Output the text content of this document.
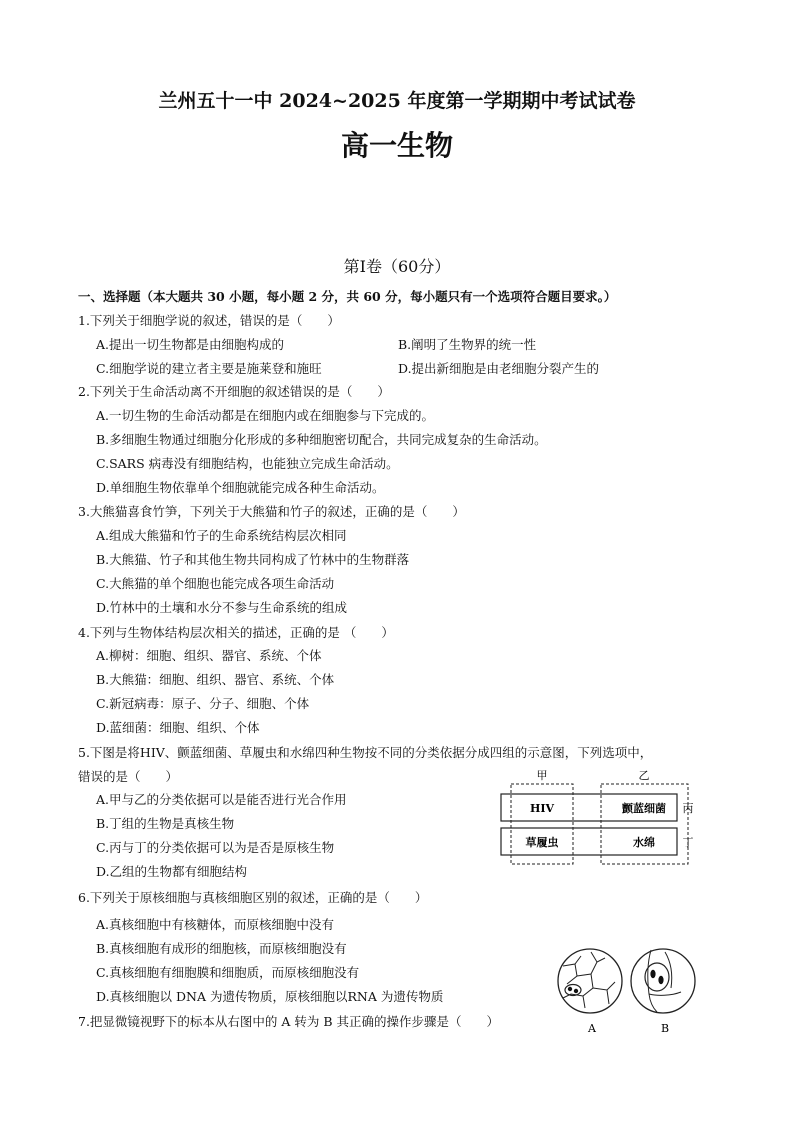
兰州五十一中 2024~2025 年度第一学期期中考试试卷
高一生物
第Ⅰ卷（60分）
一、选择题（本大题共 30 小题，每小题 2 分，共 60 分，每小题只有一个选项符合题目要求。）
1.下列关于细胞学说的叙述，错误的是（　　）
A.提出一切生物都是由细胞构成的	B.阐明了生物界的统一性
C.细胞学说的建立者主要是施莱登和施旺	D.提出新细胞是由老细胞分裂产生的
2.下列关于生命活动离不开细胞的叙述错误的是（　　）
A.一切生物的生命活动都是在细胞内或在细胞参与下完成的。
B.多细胞生物通过细胞分化形成的多种细胞密切配合，共同完成复杂的生命活动。
C.SARS 病毒没有细胞结构，也能独立完成生命活动。
D.单细胞生物依靠单个细胞就能完成各种生命活动。
3.大熊猫喜食竹笋，下列关于大熊猫和竹子的叙述，正确的是（　　）
A.组成大熊猫和竹子的生命系统结构层次相同
B.大熊猫、竹子和其他生物共同构成了竹林中的生物群落
C.大熊猫的单个细胞也能完成各项生命活动
D.竹林中的土壤和水分不参与生命系统的组成
4.下列与生物体结构层次相关的描述，正确的是 （　　）
A.柳树：细胞、组织、器官、系统、个体
B.大熊猫：细胞、组织、器官、系统、个体
C.新冠病毒：原子、分子、细胞、个体
D.蓝细菌：细胞、组织、个体
5.下图是将HIV、颤蓝细菌、草履虫和水绵四种生物按不同的分类依据分成四组的示意图，下列选项中，
错误的是（　　）
A.甲与乙的分类依据可以是能否进行光合作用
B.丁组的生物是真核生物
C.丙与丁的分类依据可以为是否是原核生物
D.乙组的生物都有细胞结构
甲	乙
丙
丁
HIV	颤蓝细菌
草履虫	水绵
6.下列关于原核细胞与真核细胞区别的叙述，正确的是（　　）
A.真核细胞中有核糖体，而原核细胞中没有
B.真核细胞有成形的细胞核，而原核细胞没有
C.真核细胞有细胞膜和细胞质，而原核细胞没有
D.真核细胞以 DNA 为遗传物质，原核细胞以RNA 为遗传物质
7.把显微镜视野下的标本从右图中的 A 转为 B 其正确的操作步骤是（　　）	A	B
